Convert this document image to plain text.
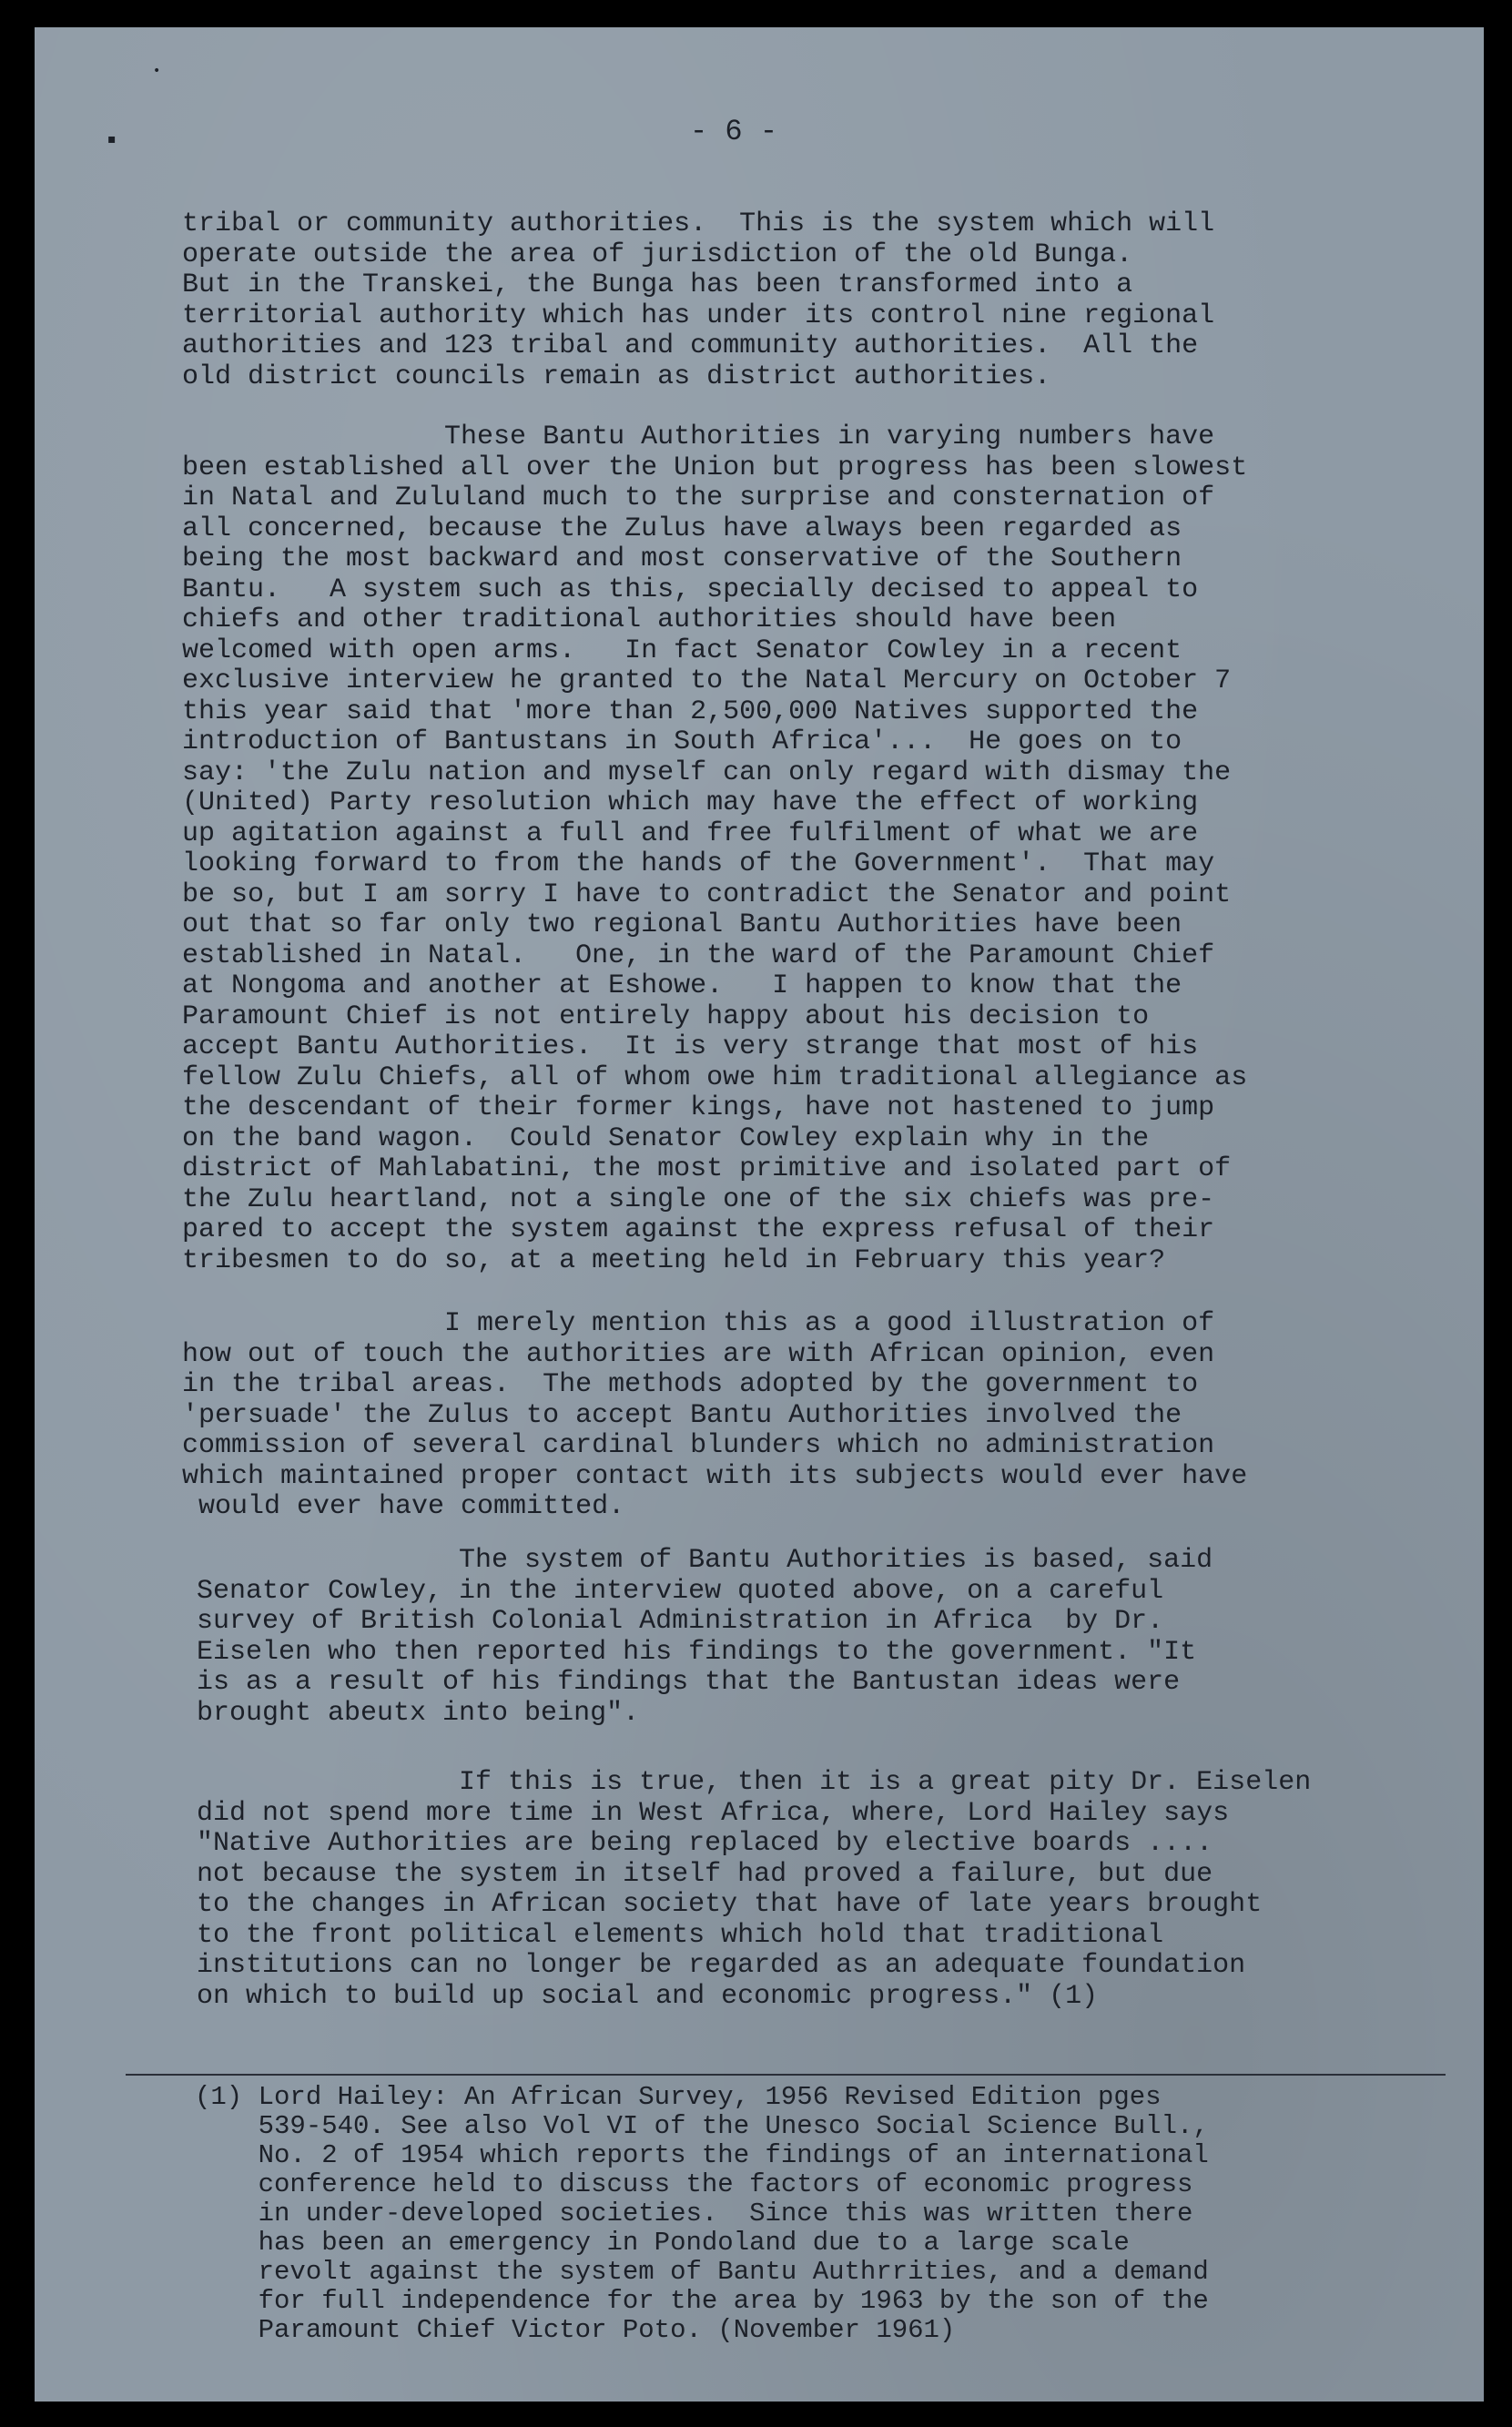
- 6 -
tribal or community authorities.  This is the system which will
operate outside the area of jurisdiction of the old Bunga.
But in the Transkei, the Bunga has been transformed into a
territorial authority which has under its control nine regional
authorities and 123 tribal and community authorities.  All the
old district councils remain as district authorities.
These Bantu Authorities in varying numbers have
been established all over the Union but progress has been slowest
in Natal and Zululand much to the surprise and consternation of
all concerned, because the Zulus have always been regarded as
being the most backward and most conservative of the Southern
Bantu.   A system such as this, specially decised to appeal to
chiefs and other traditional authorities should have been
welcomed with open arms.   In fact Senator Cowley in a recent
exclusive interview he granted to the Natal Mercury on October 7
this year said that 'more than 2,500,000 Natives supported the
introduction of Bantustans in South Africa'...  He goes on to
say: 'the Zulu nation and myself can only regard with dismay the
(United) Party resolution which may have the effect of working
up agitation against a full and free fulfilment of what we are
looking forward to from the hands of the Government'.  That may
be so, but I am sorry I have to contradict the Senator and point
out that so far only two regional Bantu Authorities have been
established in Natal.   One, in the ward of the Paramount Chief
at Nongoma and another at Eshowe.   I happen to know that the
Paramount Chief is not entirely happy about his decision to
accept Bantu Authorities.  It is very strange that most of his
fellow Zulu Chiefs, all of whom owe him traditional allegiance as
the descendant of their former kings, have not hastened to jump
on the band wagon.  Could Senator Cowley explain why in the
district of Mahlabatini, the most primitive and isolated part of
the Zulu heartland, not a single one of the six chiefs was pre-
pared to accept the system against the express refusal of their
tribesmen to do so, at a meeting held in February this year?
I merely mention this as a good illustration of
how out of touch the authorities are with African opinion, even
in the tribal areas.  The methods adopted by the government to
'persuade' the Zulus to accept Bantu Authorities involved the
commission of several cardinal blunders which no administration
which maintained proper contact with its subjects would ever have
would ever have committed.
The system of Bantu Authorities is based, said
Senator Cowley, in the interview quoted above, on a careful
survey of British Colonial Administration in Africa  by Dr.
Eiselen who then reported his findings to the government. "It
is as a result of his findings that the Bantustan ideas were
brought abeutx into being".
If this is true, then it is a great pity Dr. Eiselen
did not spend more time in West Africa, where, Lord Hailey says
"Native Authorities are being replaced by elective boards ....
not because the system in itself had proved a failure, but due
to the changes in African society that have of late years brought
to the front political elements which hold that traditional
institutions can no longer be regarded as an adequate foundation
on which to build up social and economic progress." (1)
(1) Lord Hailey: An African Survey, 1956 Revised Edition pges
539-540. See also Vol VI of the Unesco Social Science Bull.,
No. 2 of 1954 which reports the findings of an international
conference held to discuss the factors of economic progress
in under-developed societies.  Since this was written there
has been an emergency in Pondoland due to a large scale
revolt against the system of Bantu Authrrities, and a demand
for full independence for the area by 1963 by the son of the
Paramount Chief Victor Poto. (November 1961)
•
▪
